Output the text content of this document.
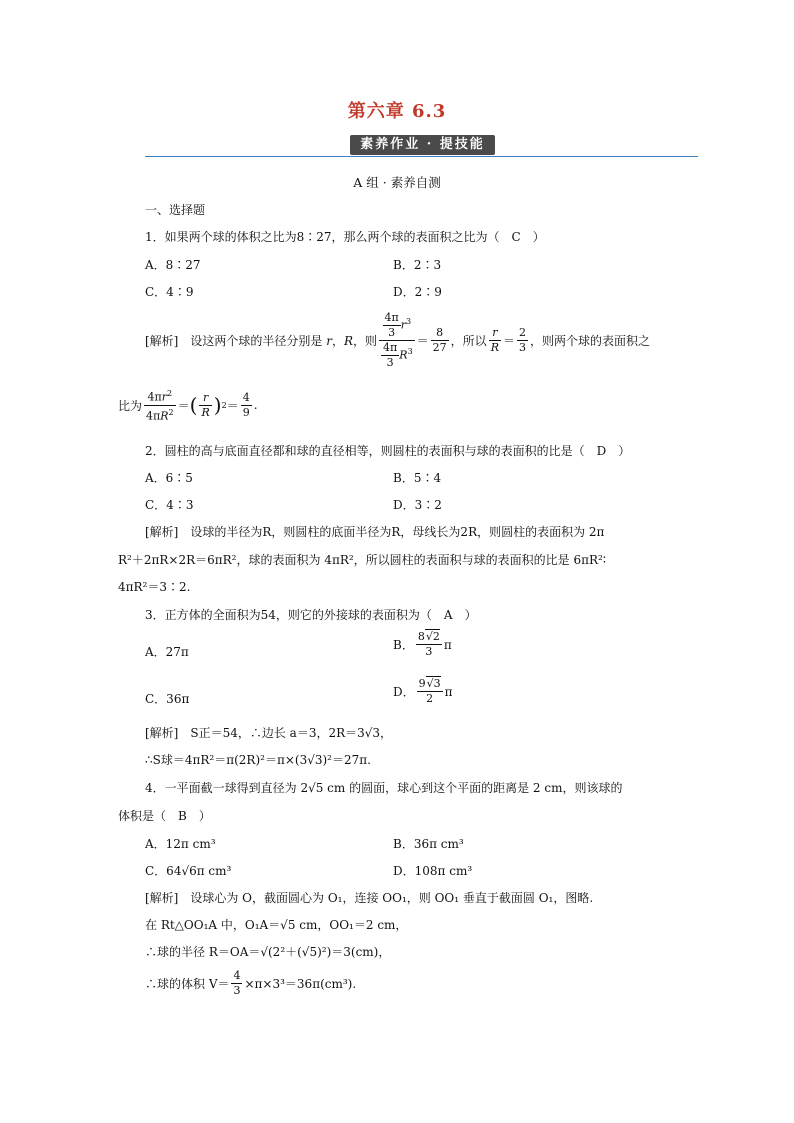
第六章 6.3
素养作业 · 提技能
A 组 · 素养自测
一、选择题
1．如果两个球的体积之比为8∶27，那么两个球的表面积之比为（　C　）
A．8∶27	B．2∶3
C．4∶9	D．2∶9
[解析]　设这两个球的半径分别是 r，R ，则 $\frac{\frac{4\pi}{3} r^3}{\frac{4\pi}{3} R^3} = \frac{8}{27}$ ，所以 $\frac{r}{R} = \frac{2}{3}$ ，则两个球的表面积之
比为 $\frac{4\pi r^2}{4\pi R^2}$ ＝ ( $\frac{r}{R}$ ) $2 = \frac{4}{9}$ .
2．圆柱的高与底面直径都和球的直径相等，则圆柱的表面积与球的表面积的比是（　D　）
A．6∶5	B．5∶4
C．4∶3	D．3∶2
[解析]　设球的半径为R，则圆柱的底面半径为R，母线长为2R，则圆柱的表面积为 2π
R²＋2πR×2R＝6πR²，球的表面积为 4πR²，所以圆柱的表面积与球的表面积的比是 6πR²∶
4πR²＝3∶2.
3．正方体的全面积为54，则它的外接球的表面积为（　A　）
A．27π	B． $\frac{8√2}{3}$ π
C．36π	D． $\frac{9√3}{2}$ π
[解析]　S正＝54，∴边长 a＝3，2R＝3√3，
∴S球＝4πR²＝π(2R)²＝π×(3√3)²＝27π.
4．一平面截一球得到直径为 2√5 cm 的圆面，球心到这个平面的距离是 2 cm，则该球的
体积是（　B　）
A．12π cm³	B．36π cm³
C．64√6π cm³	D．108π cm³
[解析]　设球心为 O，截面圆心为 O₁，连接 OO₁，则 OO₁ 垂直于截面圆 O₁，图略.
在 Rt△OO₁A 中，O₁A＝√5 cm，OO₁＝2 cm，
∴球的半径 R＝OA＝√(2²＋(√5)²)＝3(cm)，
∴球的体积 $V= \frac{4}{3} \times\pi\times 3^3=36\pi(cm^3)$.
